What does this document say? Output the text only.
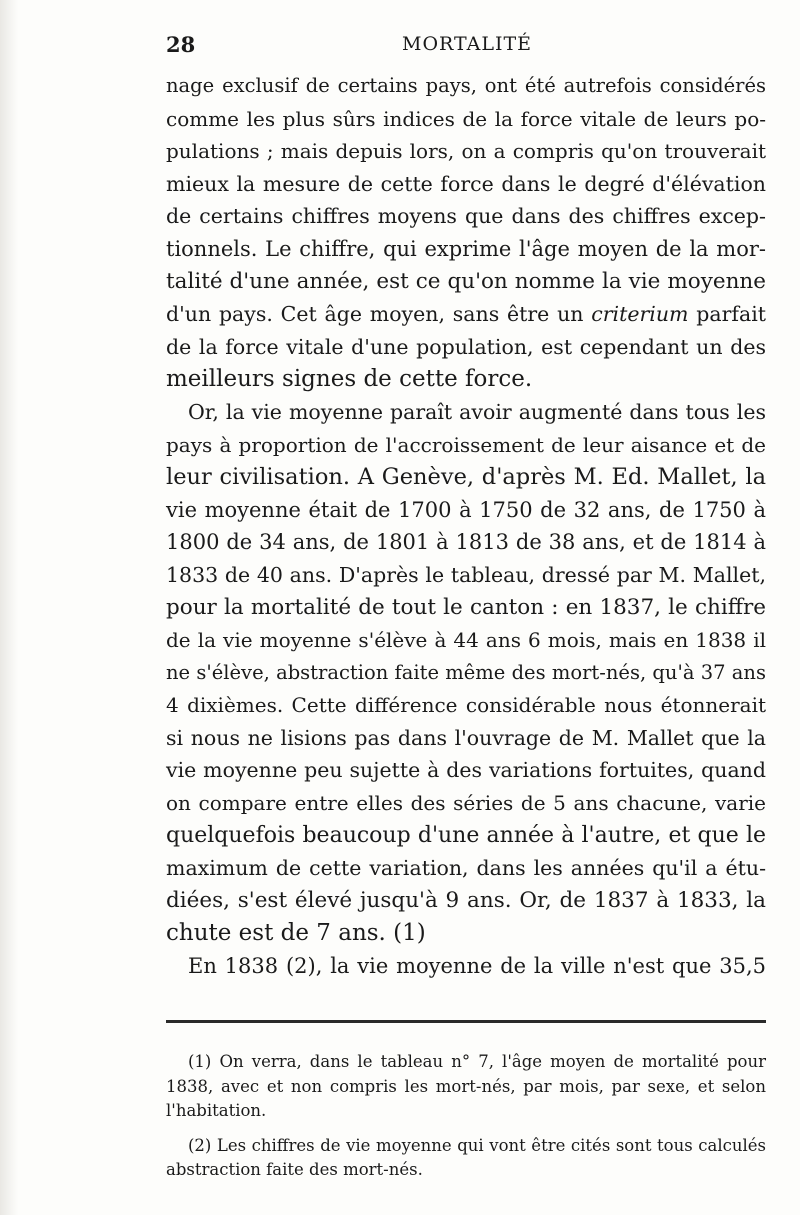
28	MORTALITÉ
nage exclusif de certains pays, ont été autrefois considérés
comme les plus sûrs indices de la force vitale de leurs po-
pulations ; mais depuis lors, on a compris qu'on trouverait
mieux la mesure de cette force dans le degré d'élévation
de certains chiffres moyens que dans des chiffres excep-
tionnels. Le chiffre, qui exprime l'âge moyen de la mor-
talité d'une année, est ce qu'on nomme la vie moyenne
d'un pays. Cet âge moyen, sans être un criterium parfait
de la force vitale d'une population, est cependant un des
meilleurs signes de cette force.
Or, la vie moyenne paraît avoir augmenté dans tous les
pays à proportion de l'accroissement de leur aisance et de
leur civilisation. A Genève, d'après M. Ed. Mallet, la
vie moyenne était de 1700 à 1750 de 32 ans, de 1750 à
1800 de 34 ans, de 1801 à 1813 de 38 ans, et de 1814 à
1833 de 40 ans. D'après le tableau, dressé par M. Mallet,
pour la mortalité de tout le canton : en 1837, le chiffre
de la vie moyenne s'élève à 44 ans 6 mois, mais en 1838 il
ne s'élève, abstraction faite même des mort-nés, qu'à 37 ans
4 dixièmes. Cette différence considérable nous étonnerait
si nous ne lisions pas dans l'ouvrage de M. Mallet que la
vie moyenne peu sujette à des variations fortuites, quand
on compare entre elles des séries de 5 ans chacune, varie
quelquefois beaucoup d'une année à l'autre, et que le
maximum de cette variation, dans les années qu'il a étu-
diées, s'est élevé jusqu'à 9 ans. Or, de 1837 à 1833, la
chute est de 7 ans. (1)
En 1838 (2), la vie moyenne de la ville n'est que 35,5
(1) On verra, dans le tableau n° 7, l'âge moyen de mortalité pour
1838, avec et non compris les mort-nés, par mois, par sexe, et selon
l'habitation.
(2) Les chiffres de vie moyenne qui vont être cités sont tous calculés
abstraction faite des mort-nés.
